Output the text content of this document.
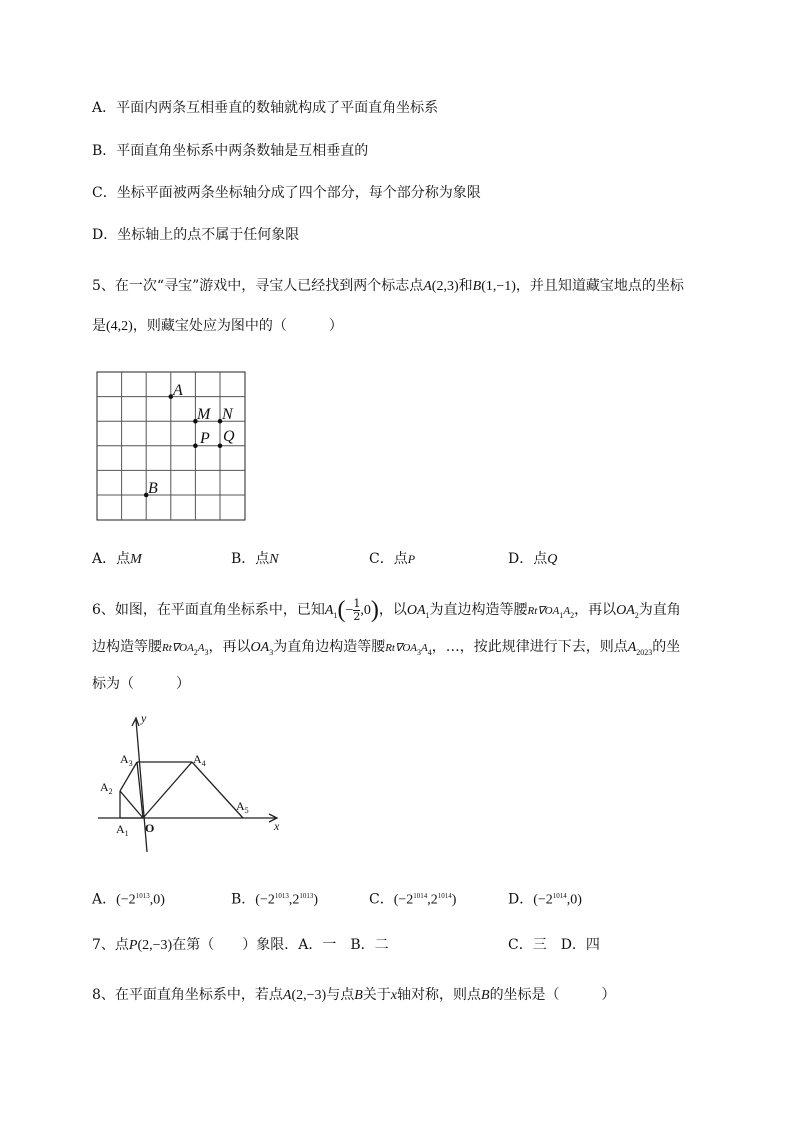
A．平面内两条互相垂直的数轴就构成了平面直角坐标系
B．平面直角坐标系中两条数轴是互相垂直的
C．坐标平面被两条坐标轴分成了四个部分，每个部分称为象限
D．坐标轴上的点不属于任何象限
5、在一次“寻宝”游戏中，寻宝人已经找到两个标志点A(2,3)和B(1,−1)，并且知道藏宝地点的坐标
是(4,2)，则藏宝处应为图中的（　　　）
A
M N
P Q
B
A．点M	B．点N	C．点P	D．点Q
6、如图，在平面直角坐标系中，已知$A_1(- \frac{1}{2} ,0)$，以$OA_1$为直边构造等腰$Rt\nabla OA_1A_2$，再以$OA_2$为直角
边构造等腰$Rt\nabla OA_2A_3$，再以$OA_3$为直角边构造等腰$Rt\nabla OA_3A_4$，…，按此规律进行下去，则点$A_{2023}$的坐
标为（　　　）
y
x
O
$A_1$
$A_2$
$A_3$	$A_4$
$A_5$
A．$(-2^{1013},0)$	B．$(-2^{1013},2^{1013})$	C．$(-2^{1014},2^{1014})$	D．$(-2^{1014},0)$
7、点P(2,−3)在第（　　）象限．A．一　B．二	C．三　D．四
8、在平面直角坐标系中，若点A(2,−3)与点B关于x轴对称，则点B的坐标是（　　　）
